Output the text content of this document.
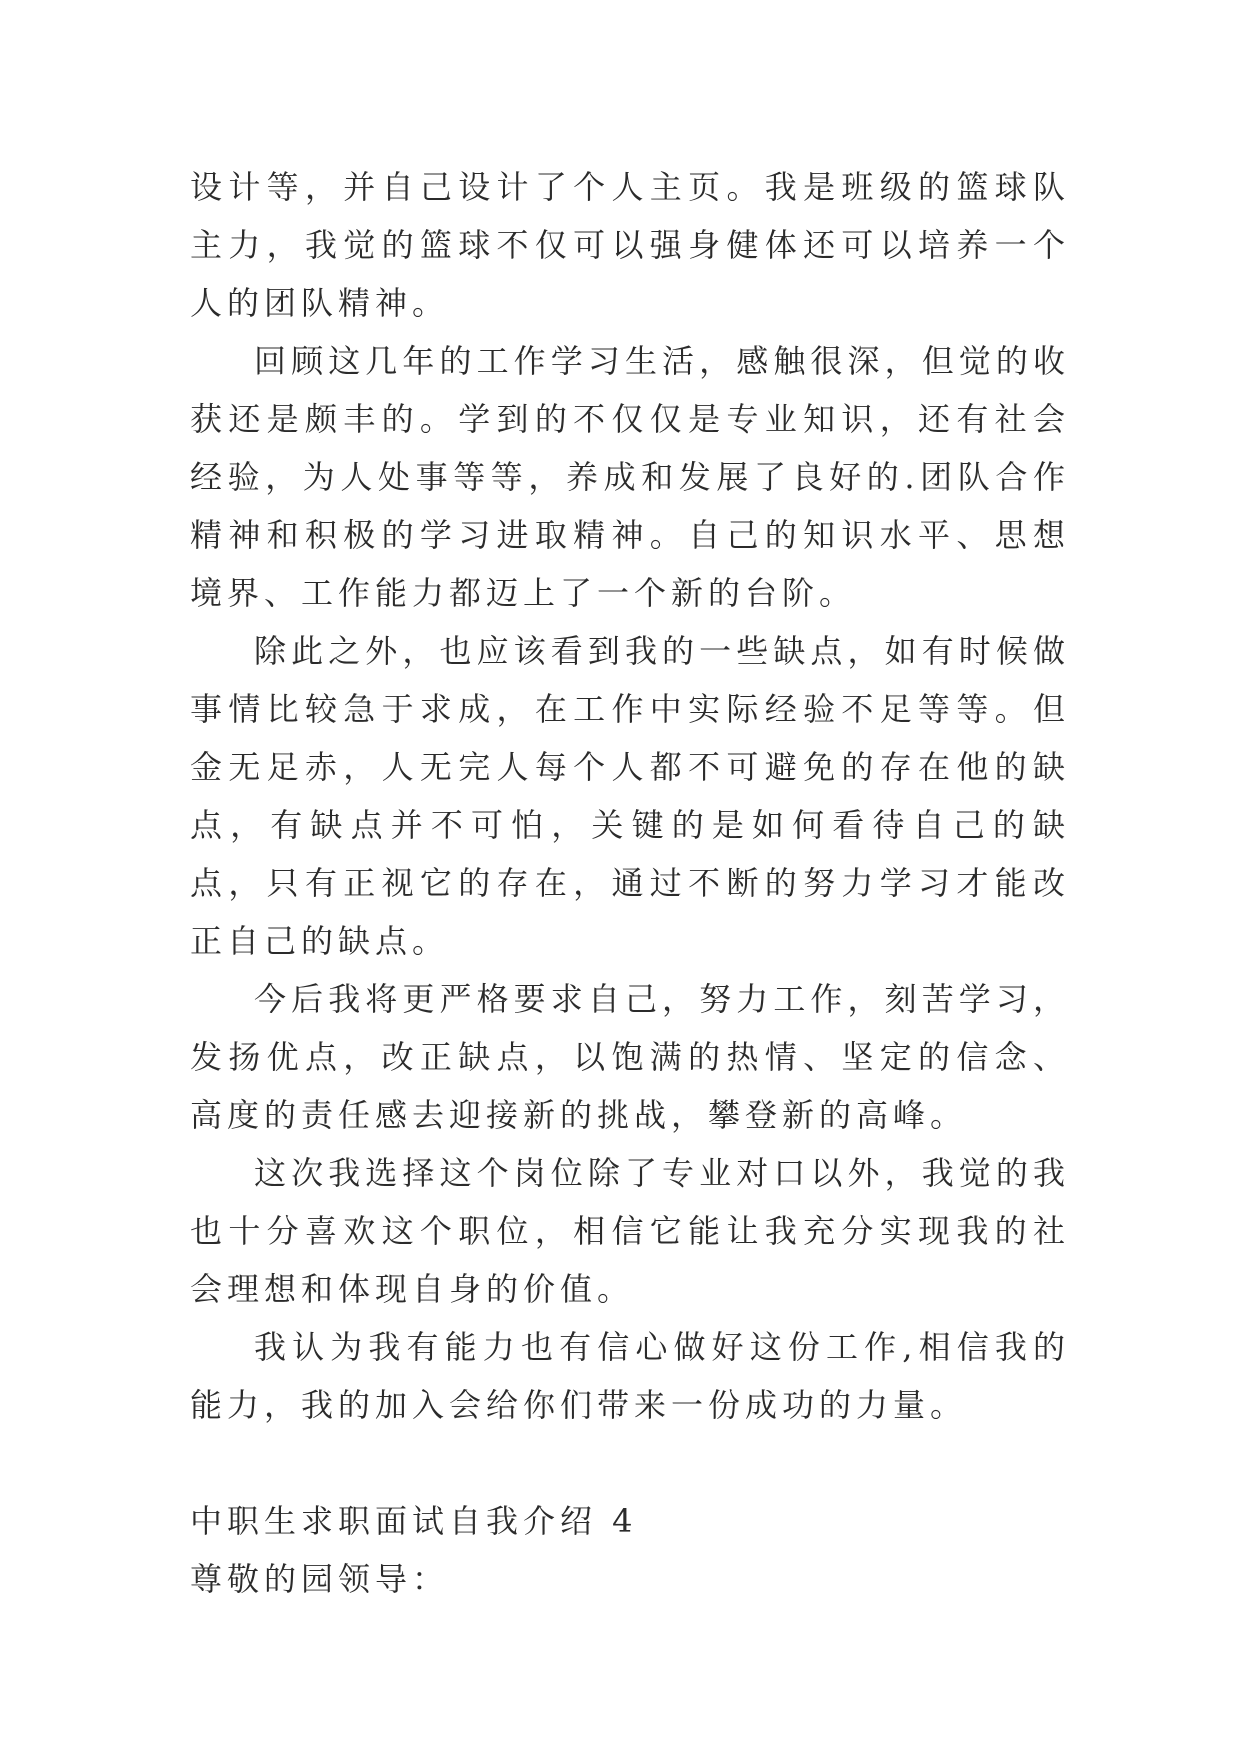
设计等，并自己设计了个人主页。我是班级的篮球队主力，我觉的篮球不仅可以强身健体还可以培养一个人的团队精神。

回顾这几年的工作学习生活，感触很深，但觉的收获还是颇丰的。学到的不仅仅是专业知识，还有社会经验，为人处事等等，养成和发展了良好的.团队合作精神和积极的学习进取精神。自己的知识水平、思想境界、工作能力都迈上了一个新的台阶。

除此之外，也应该看到我的一些缺点，如有时候做事情比较急于求成，在工作中实际经验不足等等。但金无足赤，人无完人每个人都不可避免的存在他的缺点，有缺点并不可怕，关键的是如何看待自己的缺点，只有正视它的存在，通过不断的努力学习才能改正自己的缺点。

今后我将更严格要求自己，努力工作，刻苦学习，发扬优点，改正缺点，以饱满的热情、坚定的信念、高度的责任感去迎接新的挑战，攀登新的高峰。

这次我选择这个岗位除了专业对口以外，我觉的我也十分喜欢这个职位，相信它能让我充分实现我的社会理想和体现自身的价值。

我认为我有能力也有信心做好这份工作,相信我的能力，我的加入会给你们带来一份成功的力量。

中职生求职面试自我介绍 4

尊敬的园领导：
